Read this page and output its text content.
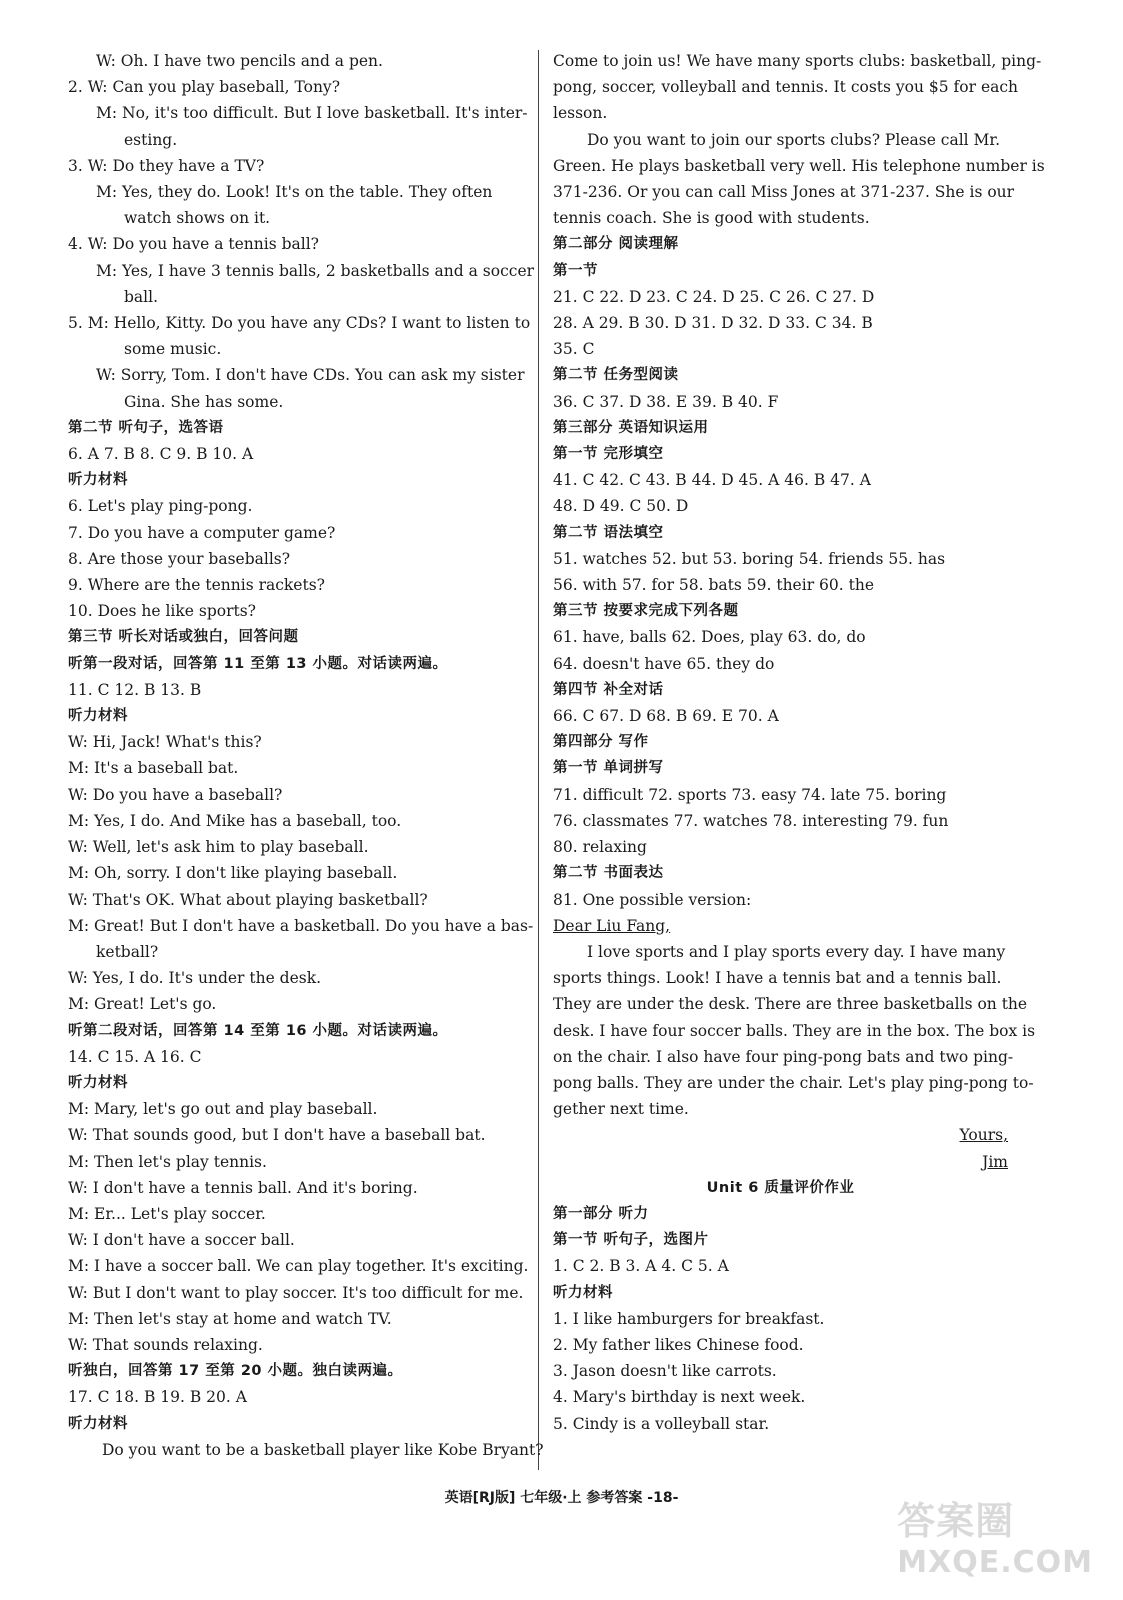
W: Oh. I have two pencils and a pen.
2. W: Can you play baseball, Tony?
M: No, it's too difficult. But I love basketball. It's inter-
esting.
3. W: Do they have a TV?
M: Yes, they do. Look! It's on the table. They often
watch shows on it.
4. W: Do you have a tennis ball?
M: Yes, I have 3 tennis balls, 2 basketballs and a soccer
ball.
5. M: Hello, Kitty. Do you have any CDs? I want to listen to
some music.
W: Sorry, Tom. I don't have CDs. You can ask my sister
Gina. She has some.
第二节 听句子，选答语
6. A 7. B 8. C 9. B 10. A
听力材料
6. Let's play ping-pong.
7. Do you have a computer game?
8. Are those your baseballs?
9. Where are the tennis rackets?
10. Does he like sports?
第三节 听长对话或独白，回答问题
听第一段对话，回答第 11 至第 13 小题。对话读两遍。
11. C 12. B 13. B
听力材料
W: Hi, Jack! What's this?
M: It's a baseball bat.
W: Do you have a baseball?
M: Yes, I do. And Mike has a baseball, too.
W: Well, let's ask him to play baseball.
M: Oh, sorry. I don't like playing baseball.
W: That's OK. What about playing basketball?
M: Great! But I don't have a basketball. Do you have a bas-
ketball?
W: Yes, I do. It's under the desk.
M: Great! Let's go.
听第二段对话，回答第 14 至第 16 小题。对话读两遍。
14. C 15. A 16. C
听力材料
M: Mary, let's go out and play baseball.
W: That sounds good, but I don't have a baseball bat.
M: Then let's play tennis.
W: I don't have a tennis ball. And it's boring.
M: Er... Let's play soccer.
W: I don't have a soccer ball.
M: I have a soccer ball. We can play together. It's exciting.
W: But I don't want to play soccer. It's too difficult for me.
M: Then let's stay at home and watch TV.
W: That sounds relaxing.
听独白，回答第 17 至第 20 小题。独白读两遍。
17. C 18. B 19. B 20. A
听力材料
Do you want to be a basketball player like Kobe Bryant?
Come to join us! We have many sports clubs: basketball, ping-
pong, soccer, volleyball and tennis. It costs you $5 for each
lesson.
Do you want to join our sports clubs? Please call Mr.
Green. He plays basketball very well. His telephone number is
371-236. Or you can call Miss Jones at 371-237. She is our
tennis coach. She is good with students.
第二部分 阅读理解
第一节
21. C 22. D 23. C 24. D 25. C 26. C 27. D
28. A 29. B 30. D 31. D 32. D 33. C 34. B
35. C
第二节 任务型阅读
36. C 37. D 38. E 39. B 40. F
第三部分 英语知识运用
第一节 完形填空
41. C 42. C 43. B 44. D 45. A 46. B 47. A
48. D 49. C 50. D
第二节 语法填空
51. watches 52. but 53. boring 54. friends 55. has
56. with 57. for 58. bats 59. their 60. the
第三节 按要求完成下列各题
61. have, balls 62. Does, play 63. do, do
64. doesn't have 65. they do
第四节 补全对话
66. C 67. D 68. B 69. E 70. A
第四部分 写作
第一节 单词拼写
71. difficult 72. sports 73. easy 74. late 75. boring
76. classmates 77. watches 78. interesting 79. fun
80. relaxing
第二节 书面表达
81. One possible version:
Dear Liu Fang,
I love sports and I play sports every day. I have many
sports things. Look! I have a tennis bat and a tennis ball.
They are under the desk. There are three basketballs on the
desk. I have four soccer balls. They are in the box. The box is
on the chair. I also have four ping-pong bats and two ping-
pong balls. They are under the chair. Let's play ping-pong to-
gether next time.
Yours,
Jim
Unit 6 质量评价作业
第一部分 听力
第一节 听句子，选图片
1. C 2. B 3. A 4. C 5. A
听力材料
1. I like hamburgers for breakfast.
2. My father likes Chinese food.
3. Jason doesn't like carrots.
4. Mary's birthday is next week.
5. Cindy is a volleyball star.
英语[RJ版] 七年级·上 参考答案 -18-
答案圈
MXQE.COM
